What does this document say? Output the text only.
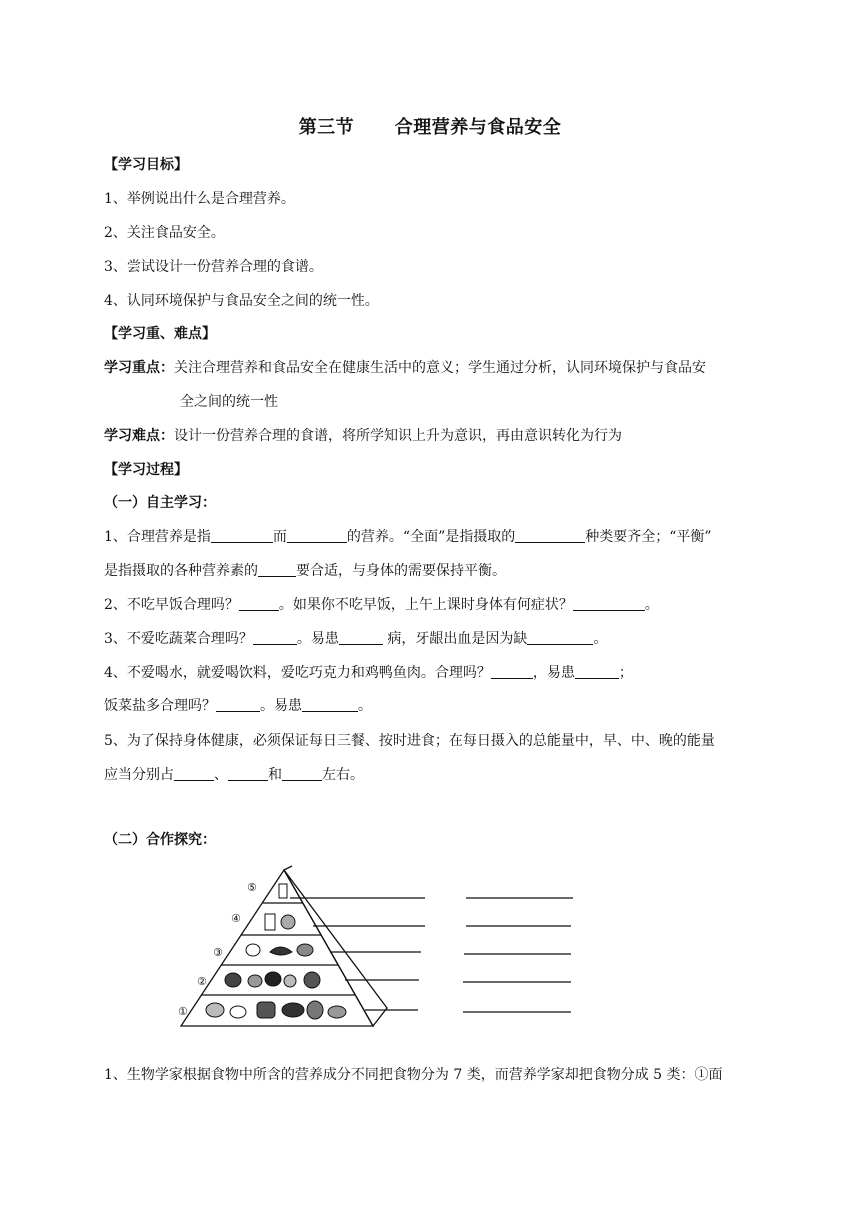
第三节      合理营养与食品安全
【学习目标】
1、举例说出什么是合理营养。
2、关注食品安全。
3、尝试设计一份营养合理的食谱。
4、认同环境保护与食品安全之间的统一性。
【学习重、难点】
学习重点：关注合理营养和食品安全在健康生活中的意义；学生通过分析，认同环境保护与食品安
全之间的统一性
学习难点：设计一份营养合理的食谱，将所学知识上升为意识，再由意识转化为行为
【学习过程】
（一）自主学习：
1、合理营养是指	而	的营养。“全面”是指摄取的	种类要齐全；“平衡”
是指摄取的各种营养素的	要合适，与身体的需要保持平衡。
2、不吃早饭合理吗？	。如果你不吃早饭，上午上课时身体有何症状？	。
3、不爱吃蔬菜合理吗？	。易患	病，牙龈出血是因为缺	。
4、不爱喝水，就爱喝饮料，爱吃巧克力和鸡鸭鱼肉。合理吗？	，易患	；
饭菜盐多合理吗？	。易患	。
5、为了保持身体健康，必须保证每日三餐、按时进食；在每日摄入的总能量中，早、中、晚的能量
应当分别占	、	和	左右。
（二）合作探究：
①
②
③
④
⑤
1、生物学家根据食物中所含的营养成分不同把食物分为 7 类，而营养学家却把食物分成 5 类：①面
